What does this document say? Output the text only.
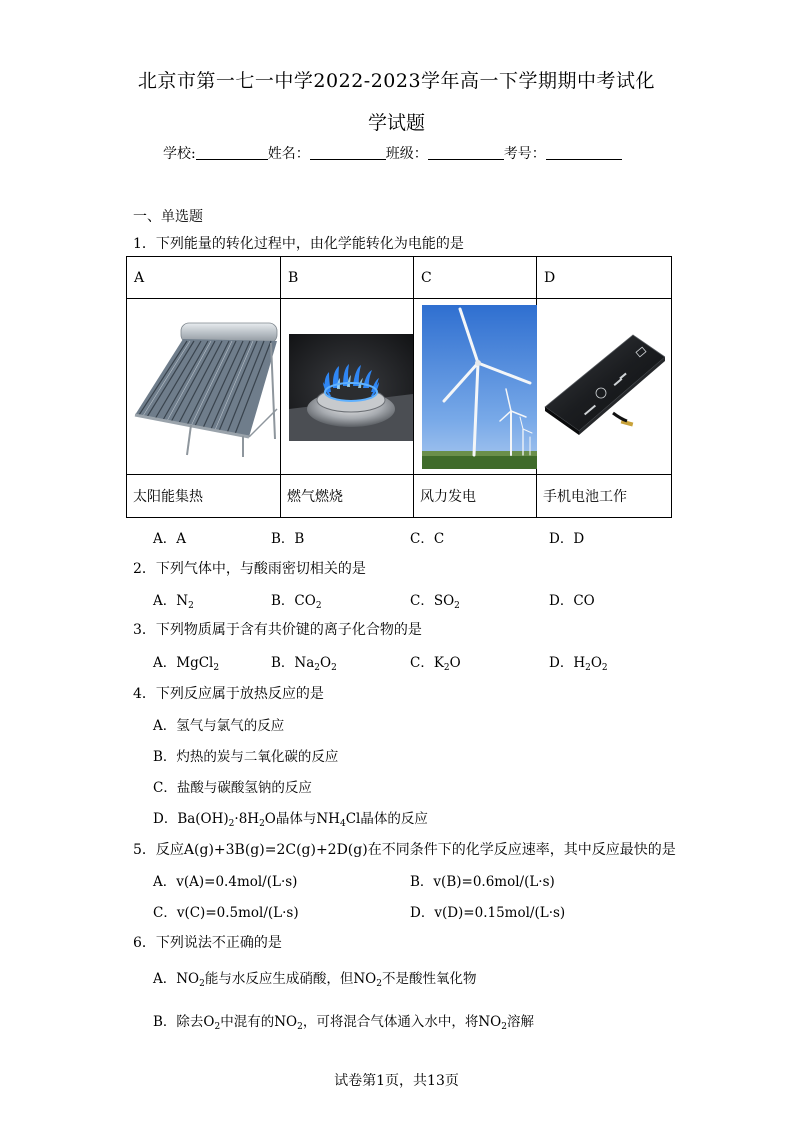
北京市第一七一中学2022-2023学年高一下学期期中考试化
学试题
学校:	姓名：	班级：	考号：
一、单选题
1．下列能量的转化过程中，由化学能转化为电能的是
A	B	C	D

太阳能集热	燃气燃烧	风力发电	手机电池工作
A．A	B．B	C．C	D．D
2．下列气体中，与酸雨密切相关的是
A．$N_2$	B．$CO_2$	C．$SO_2$	D．CO
3．下列物质属于含有共价键的离子化合物的是
A．MgCl$_2$	B．$Na_2O_2$	C．$K_2O$	D．$H_2O_2$
4．下列反应属于放热反应的是
A．氢气与氯气的反应
B．灼热的炭与二氧化碳的反应
C．盐酸与碳酸氢钠的反应
D．$Ba(OH)_2\cdot 8H_2O$晶体与$NH_4Cl$晶体的反应
5．反应A(g)+3B(g)=2C(g)+2D(g)在不同条件下的化学反应速率，其中反应最快的是
A．v(A)=0.4mol/(L·s)	B．v(B)=0.6mol/(L·s)
C．v(C)=0.5mol/(L·s)	D．v(D)=0.15mol/(L·s)
6．下列说法不正确的是
A．$NO_2$能与水反应生成硝酸，但$NO_2$不是酸性氧化物
B．除去$O_2$中混有的$NO_2$，可将混合气体通入水中，将$NO_2$溶解
试卷第1页，共13页
